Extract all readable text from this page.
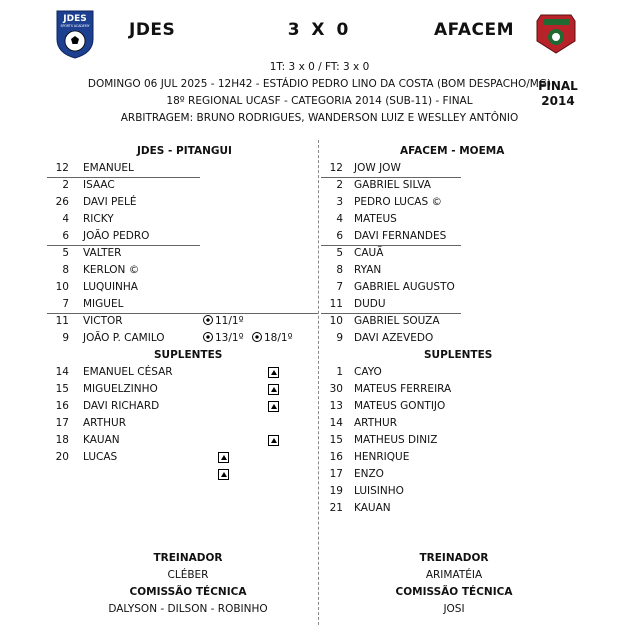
JDES
SPORTS ACADEMY JDES	3 X 0	AFACEM
1T: 3 x 0 / FT: 3 x 0
DOMINGO 06 JUL 2025 - 12H42 - ESTÁDIO PEDRO LINO DA COSTA (BOM DESPACHO/MG)
18º REGIONAL UCASF - CATEGORIA 2014 (SUB-11) - FINAL
ARBITRAGEM: BRUNO RODRIGUES, WANDERSON LUIZ E WESLLEY ANTÔNIO
FINAL
2014
JDES - PITANGUI	AFACEM - MOEMA
12 EMANUEL
2 ISAAC
26 DAVI PELÉ
4 RICKY
6 JOÃO PEDRO
5 VALTER
8 KERLON ©
10 LUQUINHA
7 MIGUEL
11 VICTOR	11/1º
9 JOÃO P. CAMILO	13/1º	18/1º
SUPLENTES
14 EMANUEL CÉSAR
15 MIGUELZINHO
16 DAVI RICHARD
17 ARTHUR
18 KAUAN
20 LUCAS
12 JOW JOW
2 GABRIEL SILVA
3 PEDRO LUCAS ©
4 MATEUS
6 DAVI FERNANDES
5 CAUÃ
8 RYAN
7 GABRIEL AUGUSTO
11 DUDU
10 GABRIEL SOUZA
9 DAVI AZEVEDO
SUPLENTES
1 CAYO
30 MATEUS FERREIRA
13 MATEUS GONTIJO
14 ARTHUR
15 MATHEUS DINIZ
16 HENRIQUE
17 ENZO
19 LUISINHO
21 KAUAN
TREINADOR
CLÉBER
COMISSÃO TÉCNICA
DALYSON - DILSON - ROBINHO
TREINADOR
ARIMATÉIA
COMISSÃO TÉCNICA
JOSI
